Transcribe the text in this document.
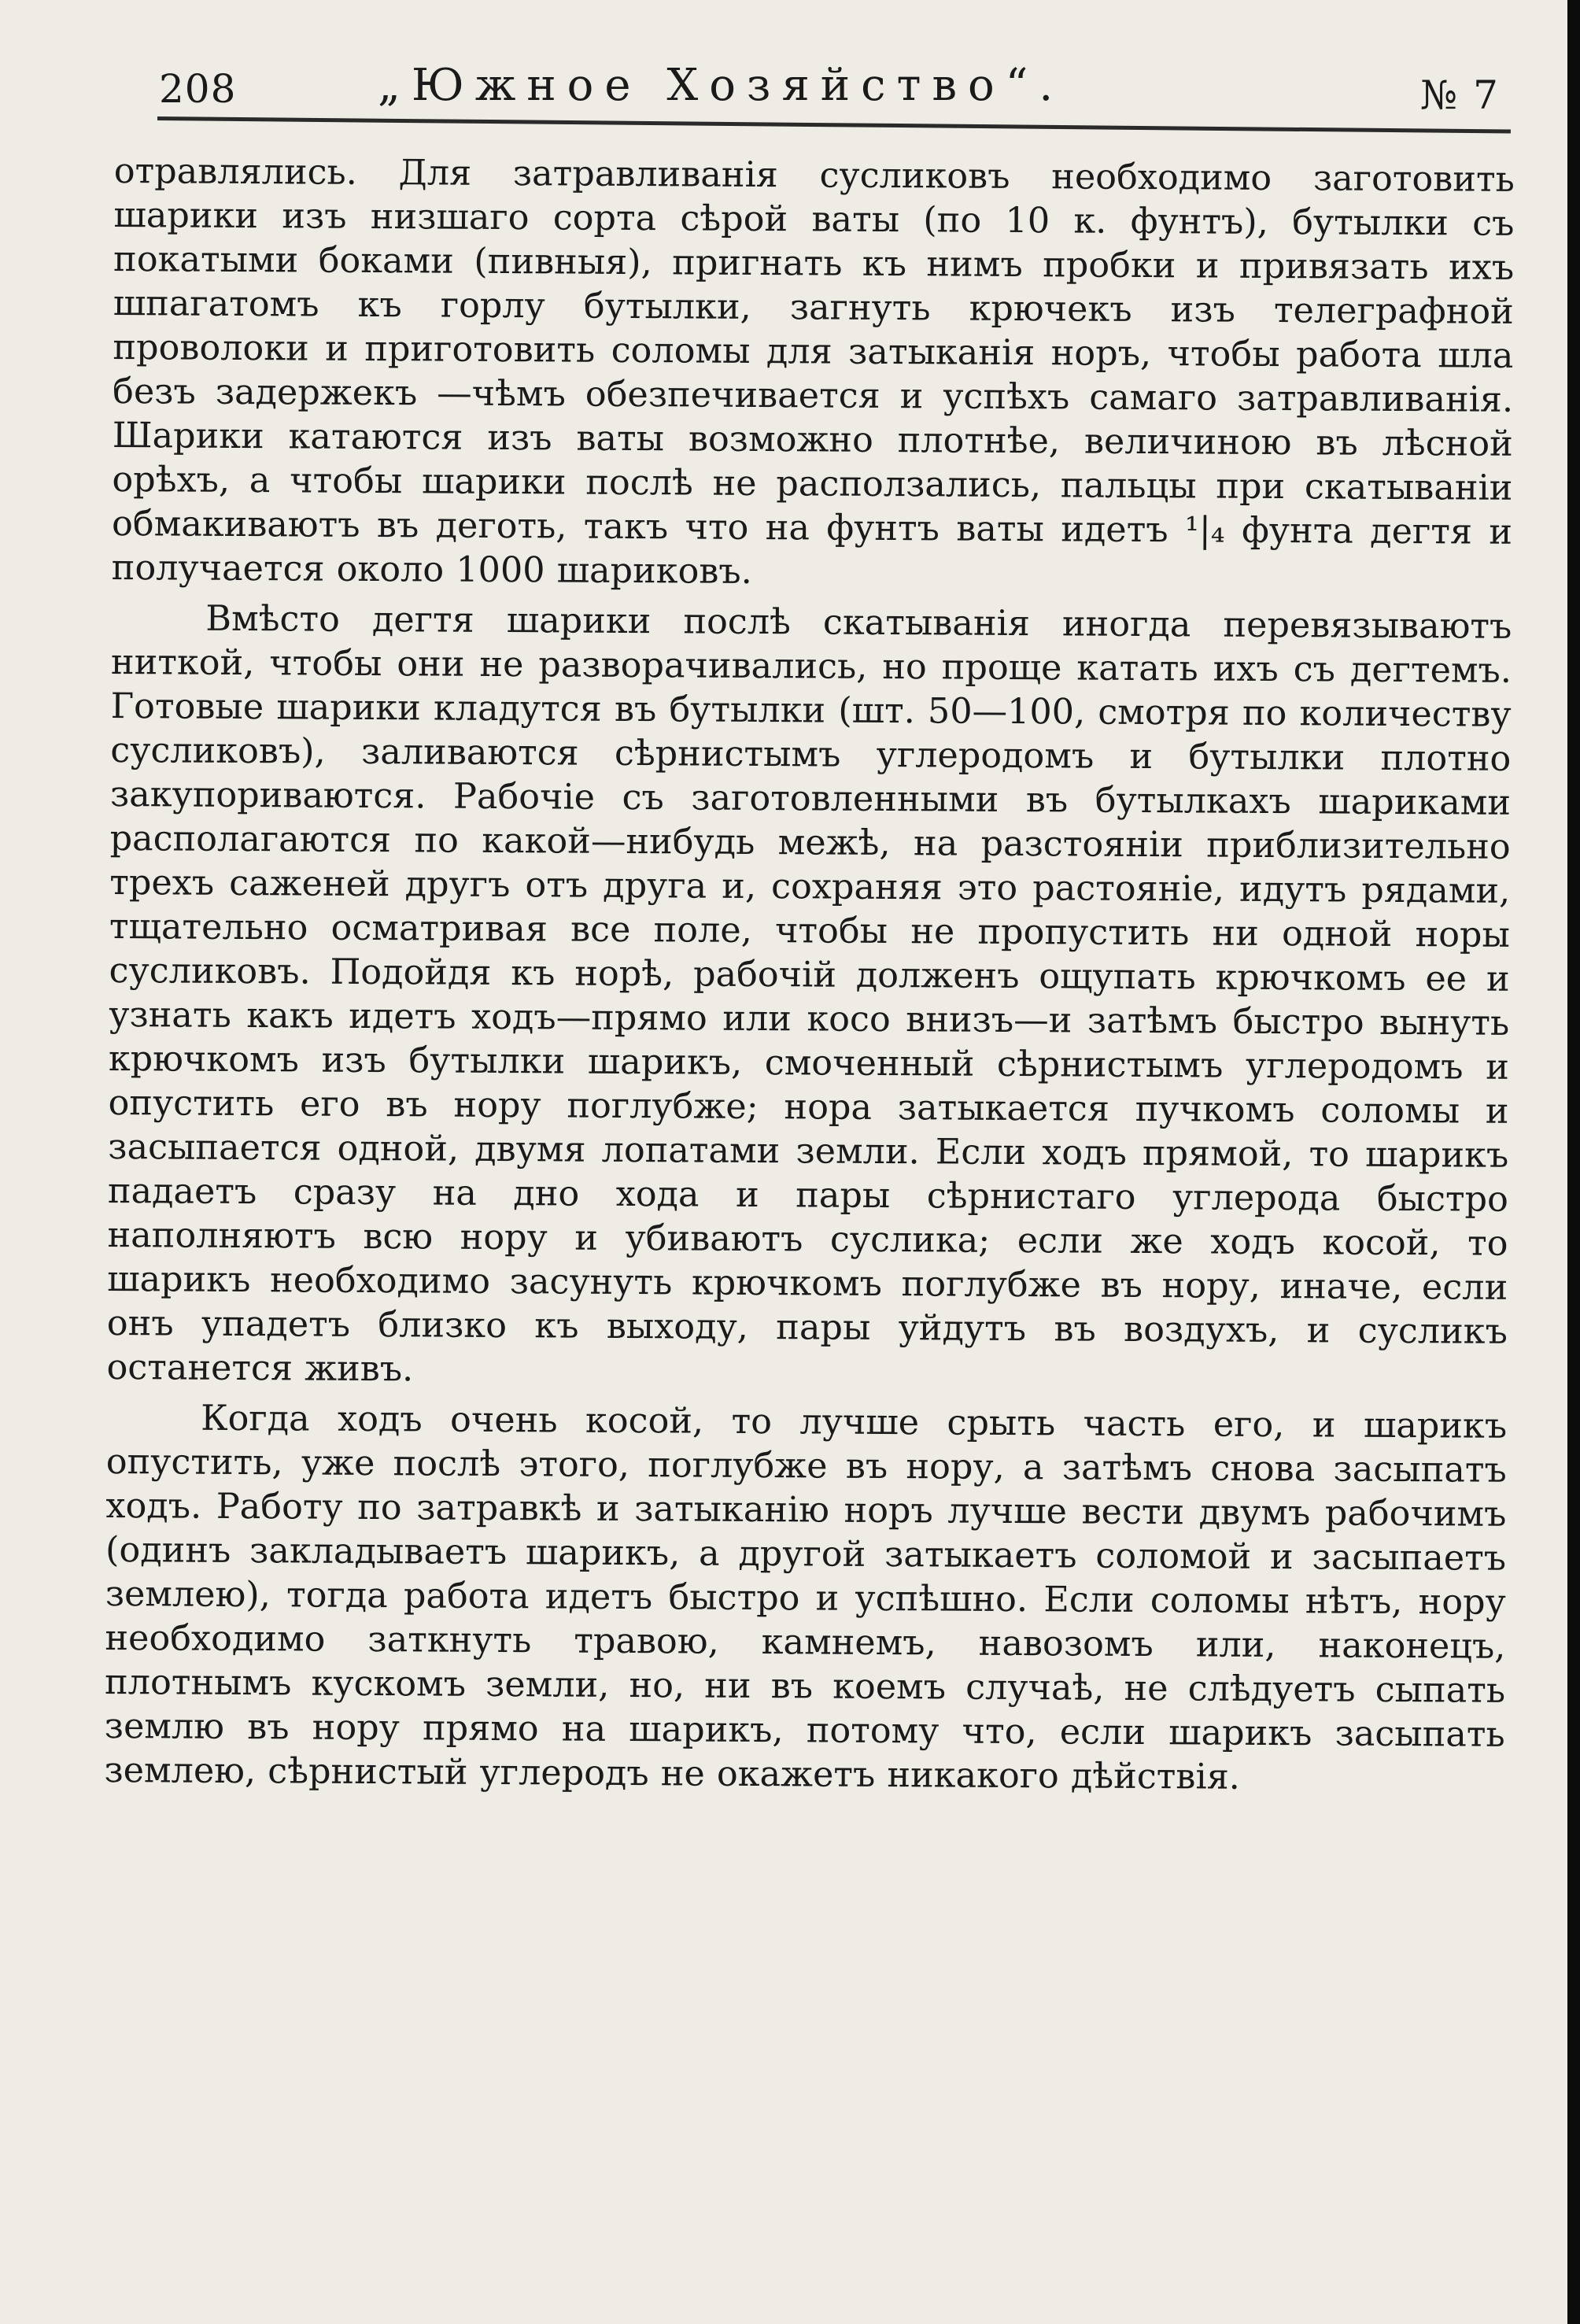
208	„Южное Хозяйство“.	№ 7

отравлялись. Для затравливанія сусликовъ необходимо заготовить шарики изъ низшаго сорта сѣрой ваты (по 10 к. фунтъ), бутылки съ покатыми боками (пивныя), пригнать къ нимъ пробки и привязать ихъ шпагатомъ къ горлу бутылки, загнуть крючекъ изъ телеграфной проволоки и приготовить соломы для затыканія норъ, чтобы работа шла безъ задержекъ —чѣмъ обезпечивается и успѣхъ самаго затравливанія. Шарики катаются изъ ваты возможно плотнѣе, величиною въ лѣсной орѣхъ, а чтобы шарики послѣ не расползались, пальцы при скатываніи обмакиваютъ въ деготь, такъ что на фунтъ ваты идетъ ¹|₄ фунта дегтя и получается около 1000 шариковъ.

Вмѣсто дегтя шарики послѣ скатыванія иногда перевязываютъ ниткой, чтобы они не разворачивались, но проще катать ихъ съ дегтемъ. Готовые шарики кладутся въ бутылки (шт. 50—100, смотря по количеству сусликовъ), заливаются сѣрнистымъ углеродомъ и бутылки плотно закупориваются. Рабочіе съ заготовленными въ бутылкахъ шариками располагаются по какой—нибудь межѣ, на разстояніи приблизительно трехъ саженей другъ отъ друга и, сохраняя это растояніе, идутъ рядами, тщательно осматривая все поле, чтобы не пропустить ни одной норы сусликовъ. Подойдя къ норѣ, рабочій долженъ ощупать крючкомъ ее и узнать какъ идетъ ходъ—прямо или косо внизъ—и затѣмъ быстро вынуть крючкомъ изъ бутылки шарикъ, смоченный сѣрнистымъ углеродомъ и опустить его въ нору поглубже; нора затыкается пучкомъ соломы и засыпается одной, двумя лопатами земли. Если ходъ прямой, то шарикъ падаетъ сразу на дно хода и пары сѣрнистаго углерода быстро наполняютъ всю нору и убиваютъ суслика; если же ходъ косой, то шарикъ необходимо засунуть крючкомъ поглубже въ нору, иначе, если онъ упадетъ близко къ выходу, пары уйдутъ въ воздухъ, и сусликъ останется живъ.

Когда ходъ очень косой, то лучше срыть часть его, и шарикъ опустить, уже послѣ этого, поглубже въ нору, а затѣмъ снова засыпатъ ходъ. Работу по затравкѣ и затыканію норъ лучше вести двумъ рабочимъ (одинъ закладываетъ шарикъ, а другой затыкаетъ соломой и засыпаетъ землею), тогда работа идетъ быстро и успѣшно. Если соломы нѣтъ, нору необходимо заткнуть травою, камнемъ, навозомъ или, наконецъ, плотнымъ кускомъ земли, но, ни въ коемъ случаѣ, не слѣдуетъ сыпать землю въ нору прямо на шарикъ, потому что, если шарикъ засыпать землею, сѣрнистый углеродъ не окажетъ никакого дѣйствія.
